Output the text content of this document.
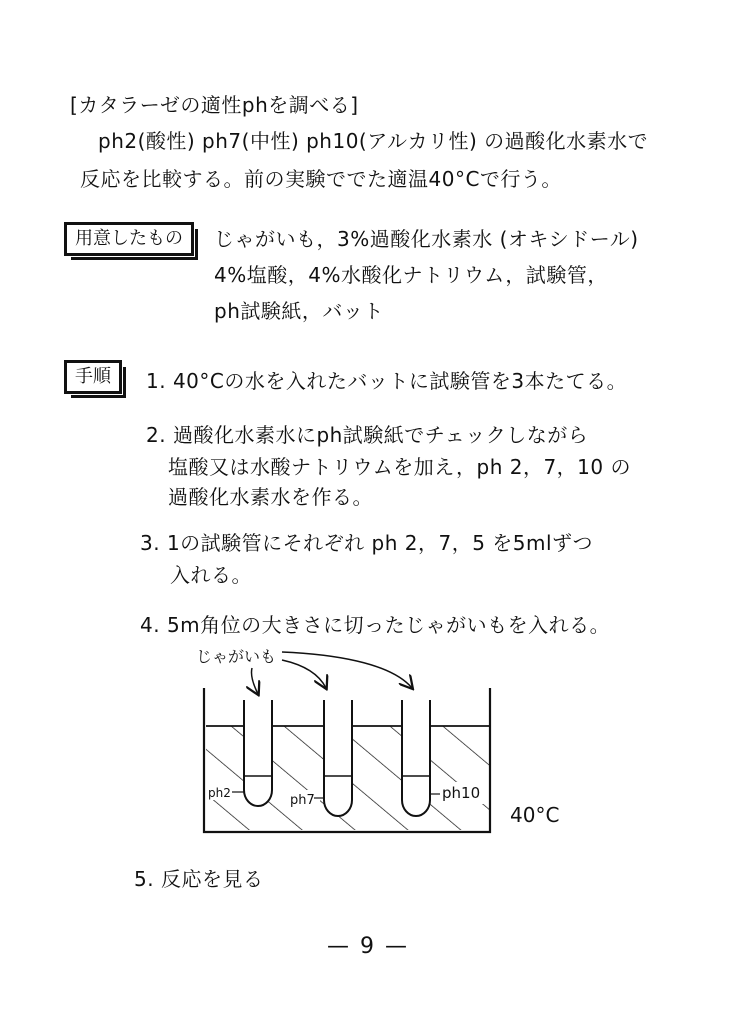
[カタラーゼの適性phを調べる]
ph2(酸性) ph7(中性) ph10(アルカリ性) の過酸化水素水で
反応を比較する。前の実験ででた適温40°Cで行う。
用意したもの	じゃがいも，3%過酸化水素水 (オキシドール)
4%塩酸，4%水酸化ナトリウム，試験管，
ph試験紙，バット
手順	1. 40°Cの水を入れたバットに試験管を3本たてる。
2. 過酸化水素水にph試験紙でチェックしながら
塩酸又は水酸ナトリウムを加え，ph 2，7，10 の
過酸化水素水を作る。
3. 1の試験管にそれぞれ ph 2，7，5 を5mlずつ
入れる。
4. 5m角位の大きさに切ったじゃがいもを入れる。
じゃがいも
ph2	ph7	ph10
40°C
5. 反応を見る
— 9 —
